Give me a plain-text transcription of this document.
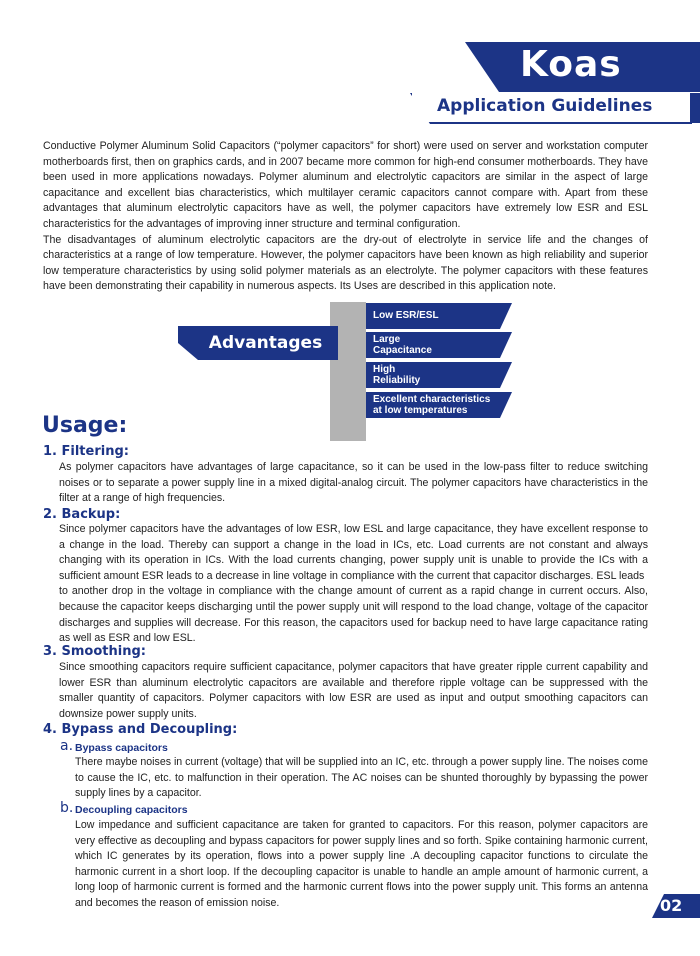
Koas
Application Guidelines

Conductive Polymer Aluminum Solid Capacitors (“polymer capacitors” for short) were used on server and workstation computer motherboards first, then on graphics cards, and in 2007 became more common for high-end consumer motherboards. They have been used in more applications nowadays. Polymer aluminum and electrolytic capacitors are similar in the aspect of large capacitance and excellent bias characteristics, which multilayer ceramic capacitors cannot compare with. Apart from these advantages that aluminum electrolytic capacitors have as well, the polymer capacitors have extremely low ESR and ESL characteristics for the advantages of improving inner structure and terminal configuration.

The disadvantages of aluminum electrolytic capacitors are the dry-out of electrolyte in service life and the changes of characteristics at a range of low temperature. However, the polymer capacitors have been known as high reliability and superior low temperature characteristics by using solid polymer materials as an electrolyte. The polymer capacitors with these features have been demonstrating their capability in numerous aspects. Its Uses are described in this application note.

Advantages
Low ESR/ESL
Large
Capacitance
High
Reliability
Excellent characteristics
at low temperatures
Usage:
1. Filtering:

As polymer capacitors have advantages of large capacitance, so it can be used in the low-pass filter to reduce switching noises or to separate a power supply line in a mixed digital-analog circuit. The polymer capacitors have characteristics in the filter at a range of high frequencies.

2. Backup:

Since polymer capacitors have the advantages of low ESR, low ESL and large capacitance, they have excellent response to a change in the load. Thereby can support a change in the load in ICs, etc. Load currents are not constant and always changing with its operation in ICs. With the load currents changing, power supply unit is unable to provide the ICs with a sufficient amount ESR leads to a decrease in line voltage in compliance with the current that capacitor discharges. ESL leads

to another drop in the voltage in compliance with the change amount of current as a rapid change in current occurs. Also, because the capacitor keeps discharging until the power supply unit will respond to the load change, voltage of the capacitor discharges and supplies will decrease. For this reason, the capacitors used for backup need to have large capacitance rating as well as ESR and low ESL.

3. Smoothing:

Since smoothing capacitors require sufficient capacitance, polymer capacitors that have greater ripple current capability and lower ESR than aluminum electrolytic capacitors are available and therefore ripple voltage can be suppressed with the smaller quantity of capacitors. Polymer capacitors with low ESR are used as input and output smoothing capacitors can downsize power supply units.

4. Bypass and Decoupling:
a. Bypass capacitors

There maybe noises in current (voltage) that will be supplied into an IC, etc. through a power supply line. The noises come to cause the IC, etc. to malfunction in their operation. The AC noises can be shunted thoroughly by bypassing the power supply lines by a capacitor.

b. Decoupling capacitors

Low impedance and sufficient capacitance are taken for granted to capacitors. For this reason, polymer capacitors are very effective as decoupling and bypass capacitors for power supply lines and so forth. Spike containing harmonic current, which IC generates by its operation, flows into a power supply line .A decoupling capacitor functions to circulate the harmonic current in a short loop. If the decoupling capacitor is unable to handle an ample amount of harmonic current, a long loop of harmonic current is formed and the harmonic current flows into the power supply unit. This forms an antenna and becomes the reason of emission noise.	02
